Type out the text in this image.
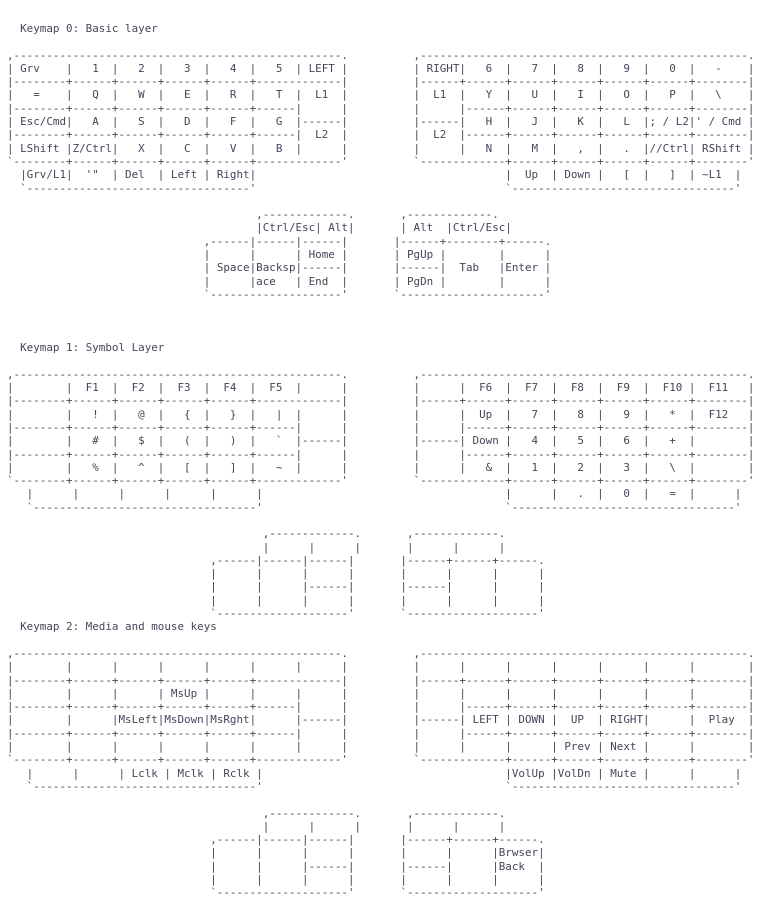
Keymap 0: Basic layer

,--------------------------------------------------.          ,--------------------------------------------------.
| Grv    |   1  |   2  |   3  |   4  |   5  | LEFT |          | RIGHT|   6  |   7  |   8  |   9  |   0  |   -    |
|--------+------+------+------+------+-------------|          |------+------+------+------+------+------+--------|
|   =    |   Q  |   W  |   E  |   R  |   T  |  L1  |          |  L1  |   Y  |   U  |   I  |   O  |   P  |   \    |
|--------+------+------+------+------+------|      |          |      |------+------+------+------+------+--------|
| Esc/Cmd|   A  |   S  |   D  |   F  |   G  |------|          |------|   H  |   J  |   K  |   L  |; / L2|' / Cmd |
|--------+------+------+------+------+------|  L2  |          |  L2  |------+------+------+------+------+--------|
| LShift |Z/Ctrl|   X  |   C  |   V  |   B  |      |          |      |   N  |   M  |   ,  |   .  |//Ctrl| RShift |
`--------+------+------+------+------+-------------'          `-------------+------+------+------+------+--------'
|Grv/L1|  '"  | Del  | Left | Right|                                      |  Up  | Down |   [  |   ]  | ~L1  |
`----------------------------------'                                      `----------------------------------'

,-------------.       ,-------------.
|Ctrl/Esc| Alt|       | Alt  |Ctrl/Esc|
,------|------|------|       |------+--------+------.
|      |      | Home |       | PgUp |        |      |
| Space|Backsp|------|       |------|  Tab   |Enter |
|      |ace   | End  |       | PgDn |        |      |
`--------------------'       `----------------------'
Keymap 1: Symbol Layer

,--------------------------------------------------.          ,--------------------------------------------------.
|        |  F1  |  F2  |  F3  |  F4  |  F5  |      |          |      |  F6  |  F7  |  F8  |  F9  |  F10 |  F11   |
|--------+------+------+------+------+-------------|          |------+------+------+------+------+------+--------|
|        |   !  |   @  |   {  |   }  |   |  |      |          |      |  Up  |   7  |   8  |   9  |   *  |  F12   |
|--------+------+------+------+------+------|      |          |      |------+------+------+------+------+--------|
|        |   #  |   $  |   (  |   )  |   `  |------|          |------| Down |   4  |   5  |   6  |   +  |        |
|--------+------+------+------+------+------|      |          |      |------+------+------+------+------+--------|
|        |   %  |   ^  |   [  |   ]  |   ~  |      |          |      |   &  |   1  |   2  |   3  |   \  |        |
`--------+------+------+------+------+-------------'          `-------------+------+------+------+------+--------'
|      |      |      |      |      |                                     |      |   .  |   0  |   =  |      |
`----------------------------------'                                     `----------------------------------'

,-------------.       ,-------------.
|      |      |       |      |      |
,------|------|------|       |------+------+------.
|      |      |      |       |      |      |      |
|      |      |------|       |------|      |      |
|      |      |      |       |      |      |      |
`--------------------'       `--------------------'
Keymap 2: Media and mouse keys

,--------------------------------------------------.          ,--------------------------------------------------.
|        |      |      |      |      |      |      |          |      |      |      |      |      |      |        |
|--------+------+------+------+------+-------------|          |------+------+------+------+------+------+--------|
|        |      |      | MsUp |      |      |      |          |      |      |      |      |      |      |        |
|--------+------+------+------+------+------|      |          |      |------+------+------+------+------+--------|
|        |      |MsLeft|MsDown|MsRght|      |------|          |------| LEFT | DOWN |  UP  | RIGHT|      |  Play  |
|--------+------+------+------+------+------|      |          |      |------+------+------+------+------+--------|
|        |      |      |      |      |      |      |          |      |      |      | Prev | Next |      |        |
`--------+------+------+------+------+-------------'          `-------------+------+------+------+------+--------'
|      |      | Lclk | Mclk | Rclk |                                     |VolUp |VolDn | Mute |      |      |
`----------------------------------'                                     `----------------------------------'

,-------------.       ,-------------.
|      |      |       |      |      |
,------|------|------|       |------+------+------.
|      |      |      |       |      |      |Brwser|
|      |      |------|       |------|      |Back  |
|      |      |      |       |      |      |      |
`--------------------'       `--------------------'
